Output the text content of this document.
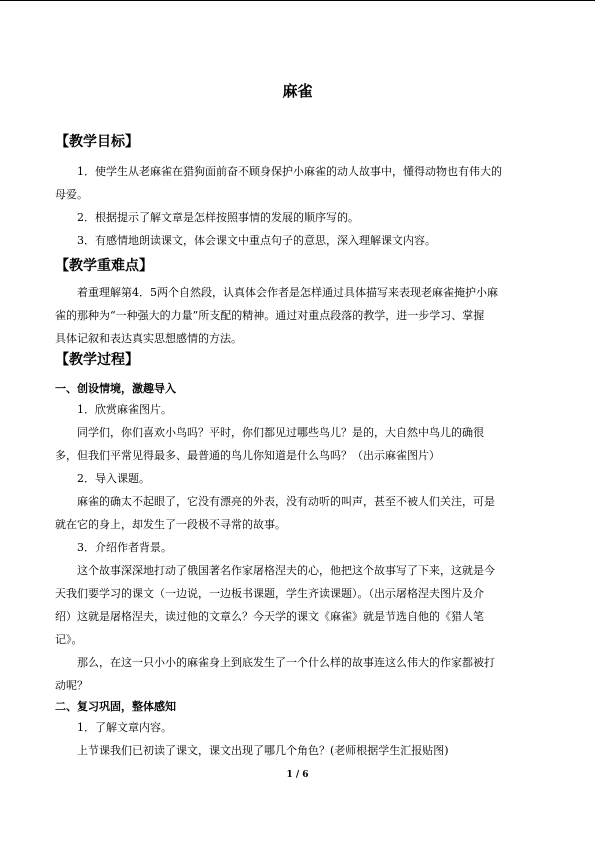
麻雀
【教学目标】
1．使学生从老麻雀在猎狗面前奋不顾身保护小麻雀的动人故事中，懂得动物也有伟大的
母爱。
2．根据提示了解文章是怎样按照事情的发展的顺序写的。
3．有感情地朗读课文，体会课文中重点句子的意思，深入理解课文内容。
【教学重难点】
着重理解第4．5两个自然段，认真体会作者是怎样通过具体描写来表现老麻雀掩护小麻
雀的那种为“一种强大的力量”所支配的精神。通过对重点段落的教学，进一步学习、掌握
具体记叙和表达真实思想感情的方法。
【教学过程】
一、创设情境，激趣导入
1．欣赏麻雀图片。
同学们，你们喜欢小鸟吗？平时，你们都见过哪些鸟儿？是的，大自然中鸟儿的确很
多，但我们平常见得最多、最普通的鸟儿你知道是什么鸟吗？（出示麻雀图片）
2．导入课题。
麻雀的确太不起眼了，它没有漂亮的外表，没有动听的叫声，甚至不被人们关注，可是
就在它的身上，却发生了一段极不寻常的故事。
3．介绍作者背景。
这个故事深深地打动了俄国著名作家屠格涅夫的心，他把这个故事写了下来，这就是今
天我们要学习的课文（一边说，一边板书课题，学生齐读课题）。（出示屠格涅夫图片及介
绍）这就是屠格涅夫，读过他的文章么？今天学的课文《麻雀》就是节选自他的《猎人笔
记》。
那么，在这一只小小的麻雀身上到底发生了一个什么样的故事连这么伟大的作家都被打
动呢？
二、复习巩固，整体感知
1．了解文章内容。
上节课我们已初读了课文，课文出现了哪几个角色？(老师根据学生汇报贴图)
1 / 6
